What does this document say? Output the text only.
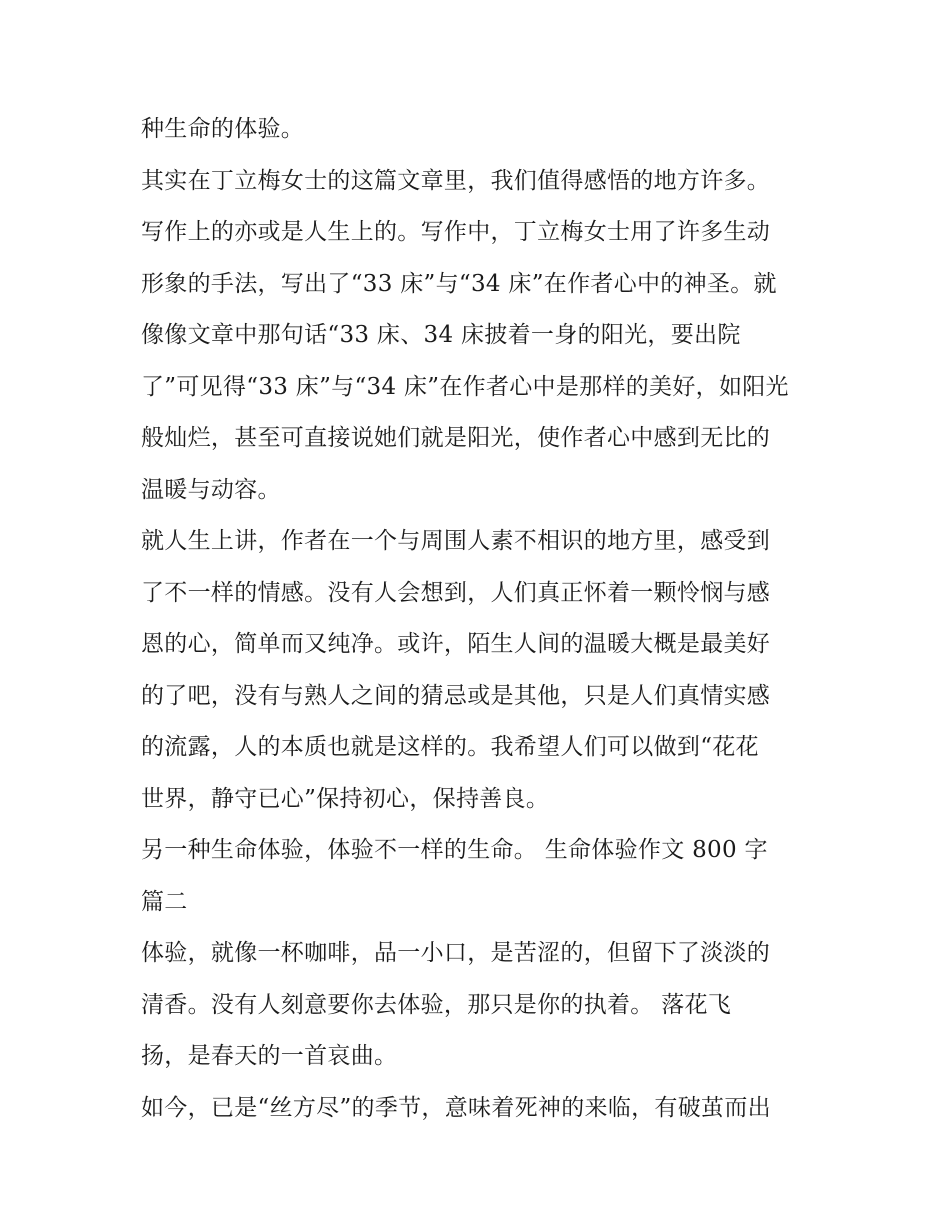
种生命的体验。
其实在丁立梅女士的这篇文章里，我们值得感悟的地方许多。
写作上的亦或是人生上的。写作中，丁立梅女士用了许多生动
形象的手法，写出了“33 床”与“34 床”在作者心中的神圣。就
像像文章中那句话“33 床、34 床披着一身的阳光，要出院
了”可见得“33 床”与“34 床”在作者心中是那样的美好，如阳光
般灿烂，甚至可直接说她们就是阳光，使作者心中感到无比的
温暖与动容。
就人生上讲，作者在一个与周围人素不相识的地方里，感受到
了不一样的情感。没有人会想到，人们真正怀着一颗怜悯与感
恩的心，简单而又纯净。或许，陌生人间的温暖大概是最美好
的了吧，没有与熟人之间的猜忌或是其他，只是人们真情实感
的流露，人的本质也就是这样的。我希望人们可以做到“花花
世界，静守已心”保持初心，保持善良。
另一种生命体验，体验不一样的生命。 生命体验作文 800 字
篇二
体验，就像一杯咖啡，品一小口，是苦涩的，但留下了淡淡的
清香。没有人刻意要你去体验，那只是你的执着。 落花飞
扬，是春天的一首哀曲。
如今，已是“丝方尽”的季节，意味着死神的来临，有破茧而出
